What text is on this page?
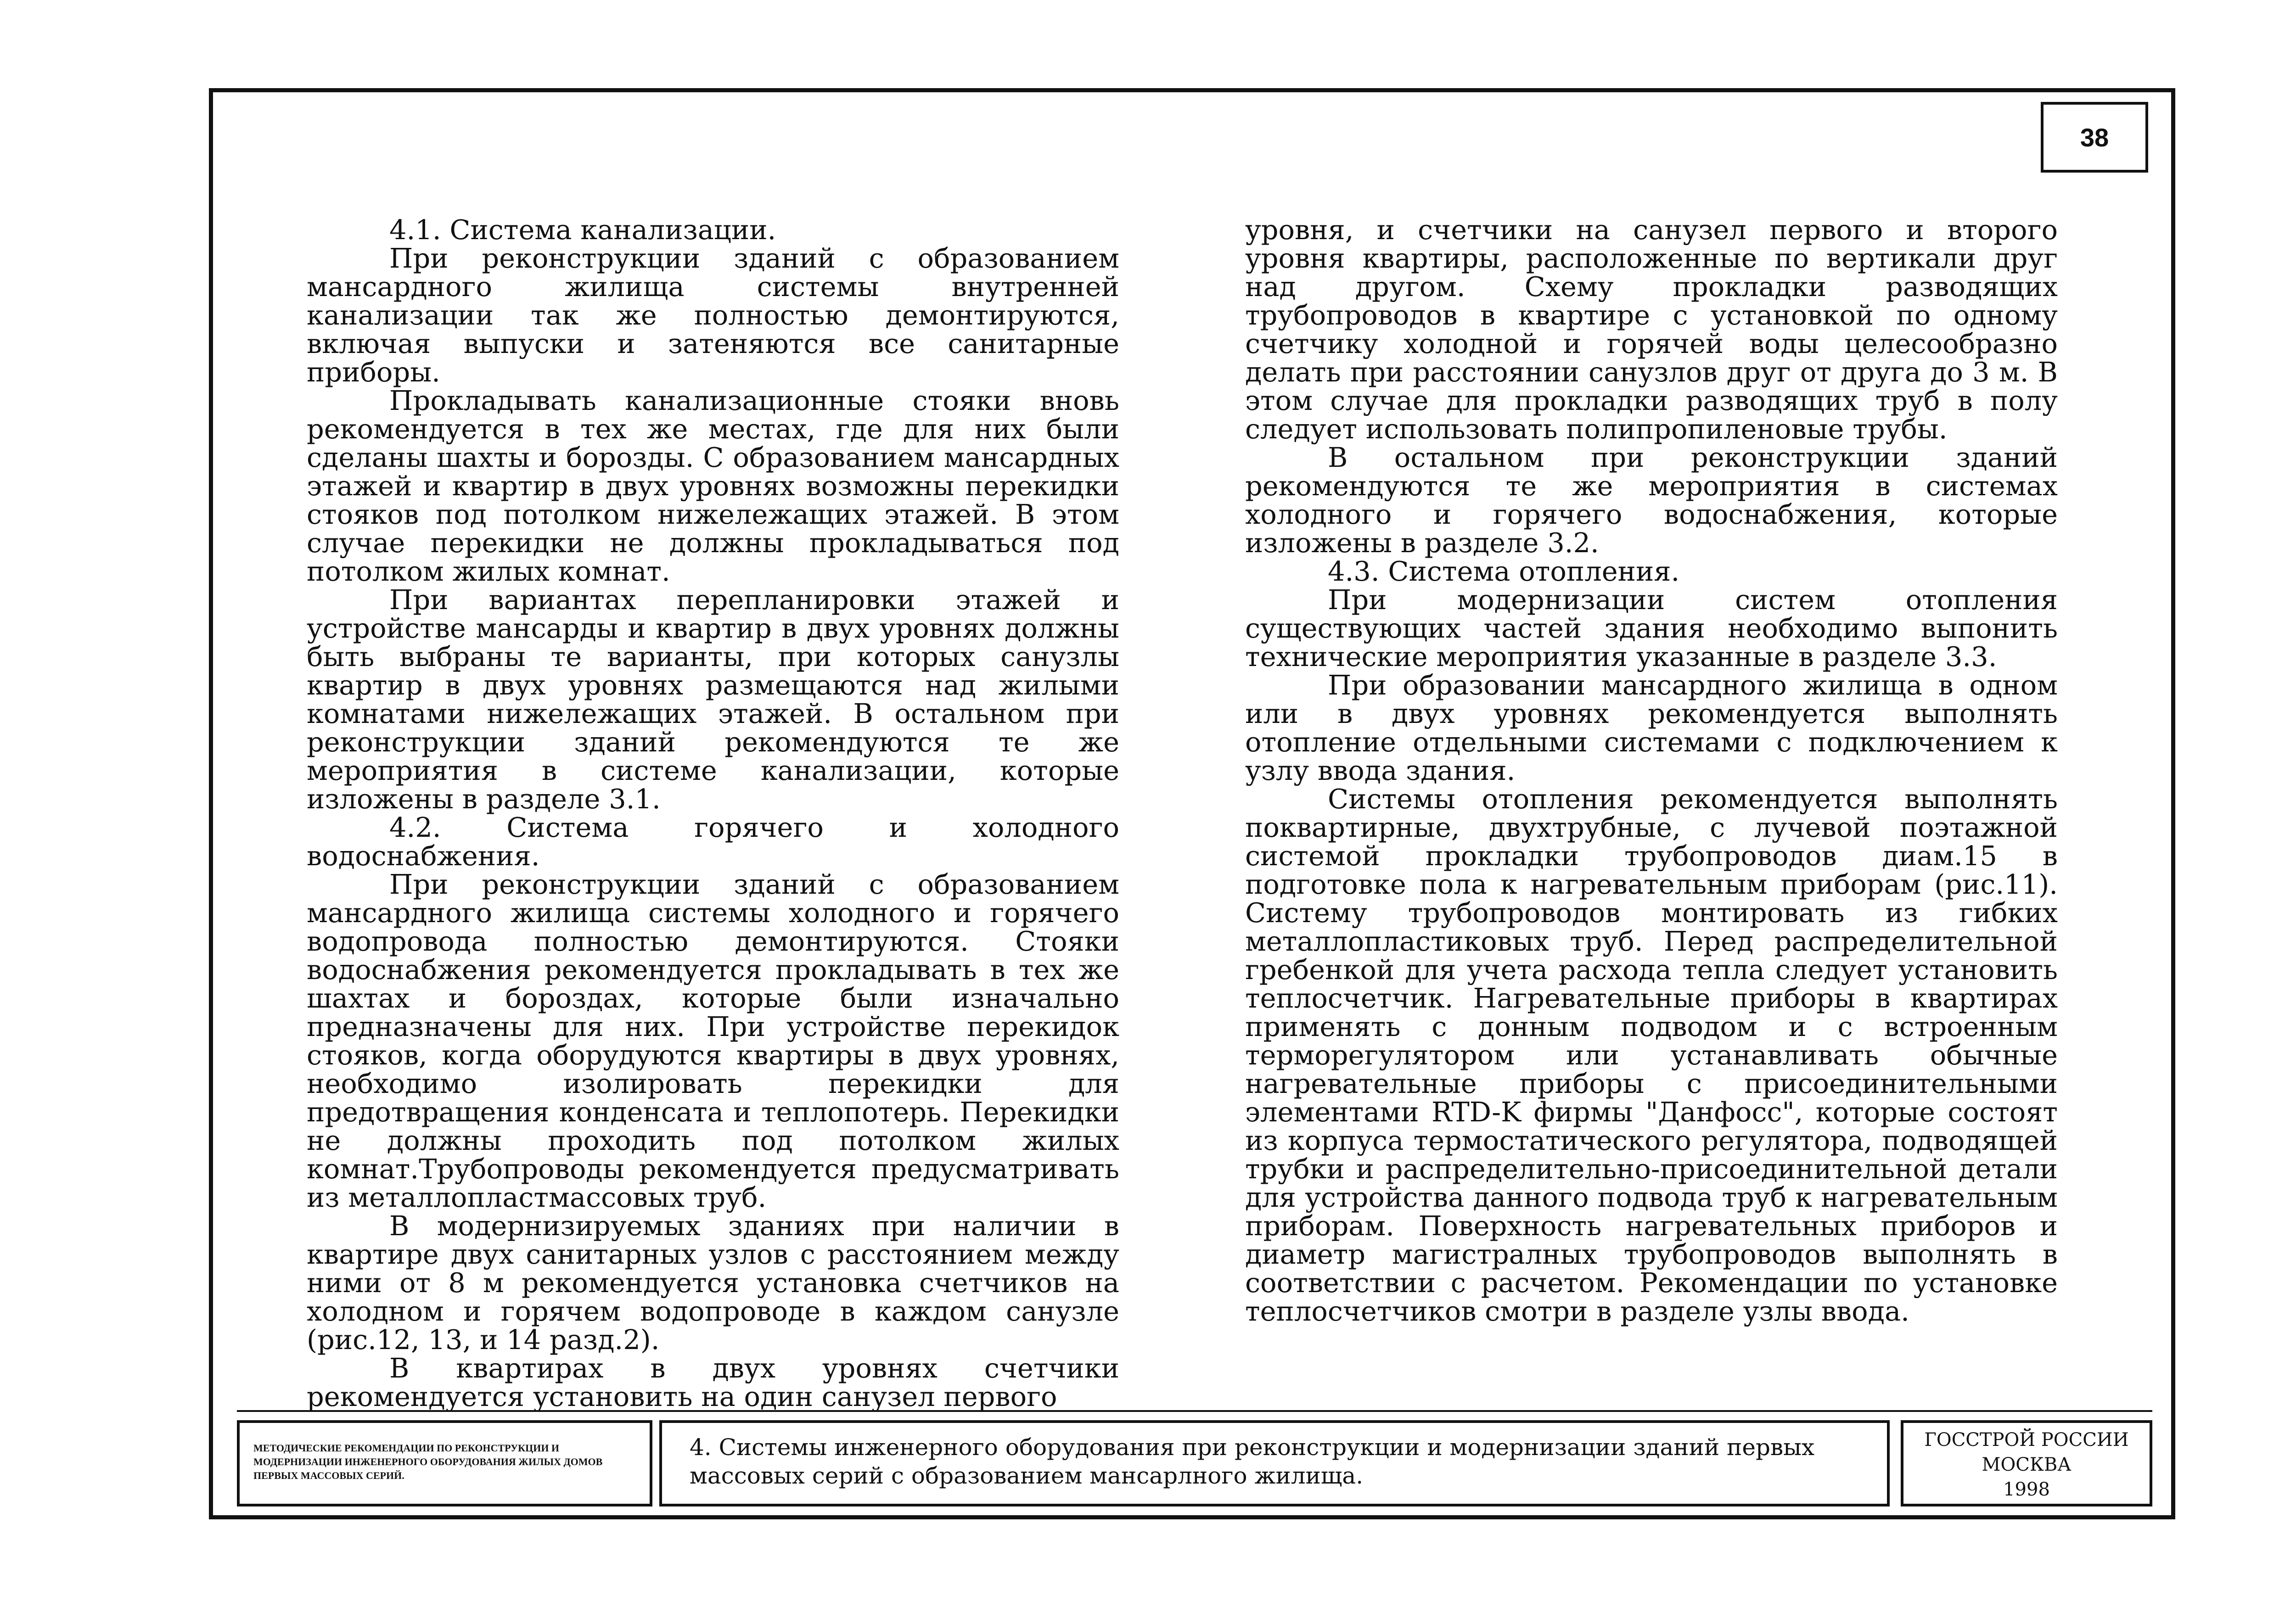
38

4.1. Система канализации.

При реконструкции зданий с образованием мансардного жилища системы внутренней канализации так же полностью демонтируются, включая выпуски и затеняются все санитарные приборы.

Прокладывать канализационные стояки вновь рекомендуется в тех же местах, где для них были сделаны шахты и борозды. С образованием мансардных этажей и квартир в двух уровнях возможны перекидки стояков под потолком нижележащих этажей. В этом случае перекидки не должны прокладываться под потолком жилых комнат.

При вариантах перепланировки этажей и устройстве мансарды и квартир в двух уровнях должны быть выбраны те варианты, при которых санузлы квартир в двух уровнях размещаются над жилыми комнатами нижележащих этажей. В остальном при реконструкции зданий рекомендуются те же мероприятия в системе канализации, которые изложены в разделе 3.1.

4.2. Система горячего и холодного водоснабжения.

При реконструкции зданий с образованием мансардного жилища системы холодного и горячего водопровода полностью демонтируются. Стояки водоснабжения рекомендуется прокладывать в тех же шахтах и бороздах, которые были изначально предназначены для них. При устройстве перекидок стояков, когда оборудуются квартиры в двух уровнях, необходимо изолировать перекидки для предотвращения конденсата и теплопотерь. Перекидки не должны проходить под потолком жилых комнат.Трубопроводы рекомендуется предусматривать из металлопластмассовых труб.

В модернизируемых зданиях при наличии в квартире двух санитарных узлов с расстоянием между ними от 8 м рекомендуется установка счетчиков на холодном и горячем водопроводе в каждом санузле (рис.12, 13, и 14 разд.2).

В квартирах в двух уровнях счетчики рекомендуется установить на один санузел первого

уровня, и счетчики на санузел первого и второго уровня квартиры, расположенные по вертикали друг над другом. Схему прокладки разводящих трубопроводов в квартире с установкой по одному счетчику холодной и горячей воды целесообразно делать при расстоянии санузлов друг от друга до 3 м. В этом случае для прокладки разводящих труб в полу следует использовать полипропиленовые трубы.

В остальном при реконструкции зданий рекомендуются те же мероприятия в системах холодного и горячего водоснабжения, которые изложены в разделе 3.2.

4.3. Система отопления.

При модернизации систем отопления существующих частей здания необходимо выпонить технические мероприятия указанные в разделе 3.3.

При образовании мансардного жилища в одном или в двух уровнях рекомендуется выполнять отопление отдельными системами с подключением к узлу ввода здания.

Системы отопления рекомендуется выполнять поквартирные, двухтрубные, с лучевой поэтажной системой прокладки трубопроводов диам.15 в подготовке пола к нагревательным приборам (рис.11). Систему трубопроводов монтировать из гибких металлопластиковых труб. Перед распределительной гребенкой для учета расхода тепла следует установить теплосчетчик. Нагревательные приборы в квартирах применять с донным подводом и с встроенным терморегулятором или устанавливать обычные нагревательные приборы с присоединительными элементами RTD-K фирмы "Данфосс", которые состоят из корпуса термостатического регулятора, подводящей трубки и распределительно-присоединительной детали для устройства данного подвода труб к нагревательным приборам. Поверхность нагревательных приборов и диаметр магистралных трубопроводов выполнять в соответствии с расчетом. Рекомендации по установке теплосчетчиков смотри в разделе узлы ввода.

МЕТОДИЧЕСКИЕ РЕКОМЕНДАЦИИ ПО РЕКОНСТРУКЦИИ И МОДЕРНИЗАЦИИ ИНЖЕНЕРНОГО ОБОРУДОВАНИЯ ЖИЛЫХ ДОМОВ ПЕРВЫХ МАССОВЫХ СЕРИЙ.
4. Системы инженерного оборудования при реконструкции и модернизации зданий первых массовых серий с образованием мансарлного жилища.
ГОССТРОЙ РОССИИ
МОСКВА
1998
